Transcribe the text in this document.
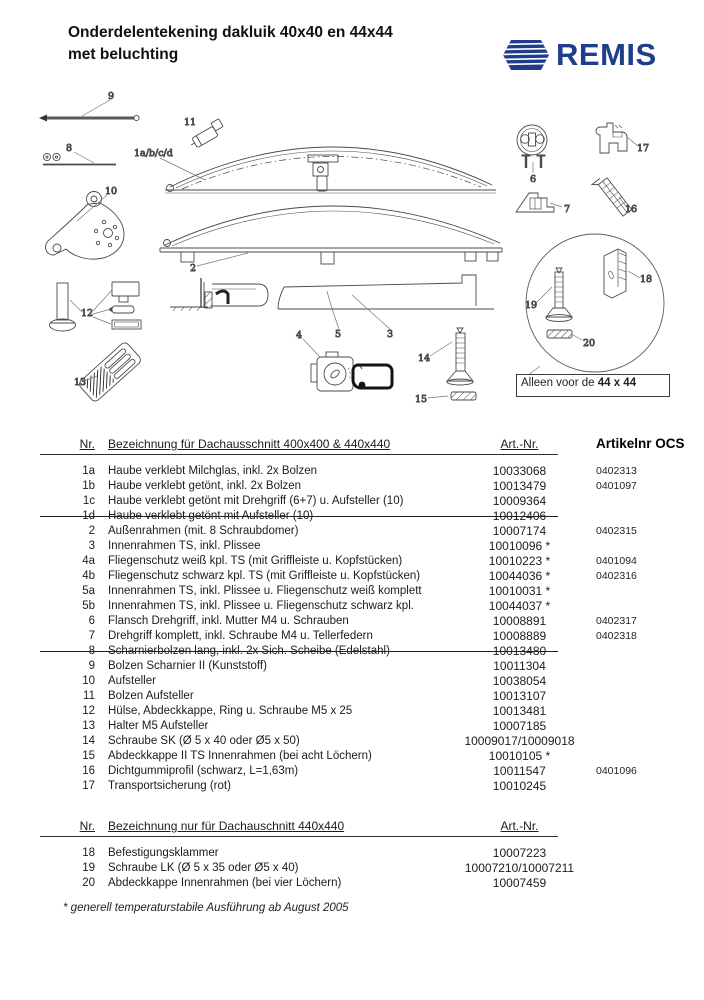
Onderdelentekening dakluik 40x40 en 44x44
met beluchting	REMIS
9
8
10
11
1a/b/c/d
2
5	3
4
14
15
12
13
6
17
7	16
19
18
20
Alleen voor de 44 x 44
Nr.	Bezeichnung für Dachausschnitt 400x400 & 440x440	Art.-Nr.	Artikelnr OCS
1a	Haube verklebt Milchglas, inkl. 2x Bolzen	10033068	0402313
1b	Haube verklebt getönt, inkl. 2x Bolzen	10013479	0401097
1c	Haube verklebt getönt mit Drehgriff (6+7) u. Aufsteller (10)	10009364
1d	Haube verklebt getönt mit Aufsteller (10)	10012406
2	Außenrahmen (mit. 8 Schraubdomer)	10007174	0402315
3	Innenrahmen TS, inkl. Plissee	10010096 *
4a	Fliegenschutz weiß kpl. TS (mit Griffleiste u. Kopfstücken)	10010223 *	0401094
4b	Fliegenschutz schwarz kpl. TS (mit Griffleiste u. Kopfstücken)	10044036 *	0402316
5a	Innenrahmen TS, inkl. Plissee u. Fliegenschutz weiß komplett	10010031 *
5b	Innenrahmen TS, inkl. Plissee u. Fliegenschutz schwarz kpl.	10044037 *
6	Flansch Drehgriff, inkl. Mutter M4 u. Schrauben	10008891	0402317
7	Drehgriff komplett, inkl. Schraube M4 u. Tellerfedern	10008889	0402318
8	Scharnierbolzen lang, inkl. 2x Sich. Scheibe (Edelstahl)	10013480
9	Bolzen Scharnier II (Kunststoff)	10011304
10	Aufsteller	10038054
11	Bolzen Aufsteller	10013107
12	Hülse, Abdeckkappe, Ring u. Schraube M5 x 25	10013481
13	Halter M5 Aufsteller	10007185
14	Schraube SK (Ø 5 x 40 oder Ø5 x 50)	10009017/10009018
15	Abdeckkappe II TS Innenrahmen (bei acht Löchern)	10010105 *
16	Dichtgummiprofil (schwarz, L=1,63m)	10011547	0401096
17	Transportsicherung (rot)	10010245
Nr.	Bezeichnung nur für Dachauschnitt 440x440	Art.-Nr.
18	Befestigungsklammer	10007223
19	Schraube LK (Ø 5 x 35 oder Ø5 x 40)	10007210/10007211
20	Abdeckkappe Innenrahmen (bei vier Löchern)	10007459
* generell temperaturstabile Ausführung ab August 2005
